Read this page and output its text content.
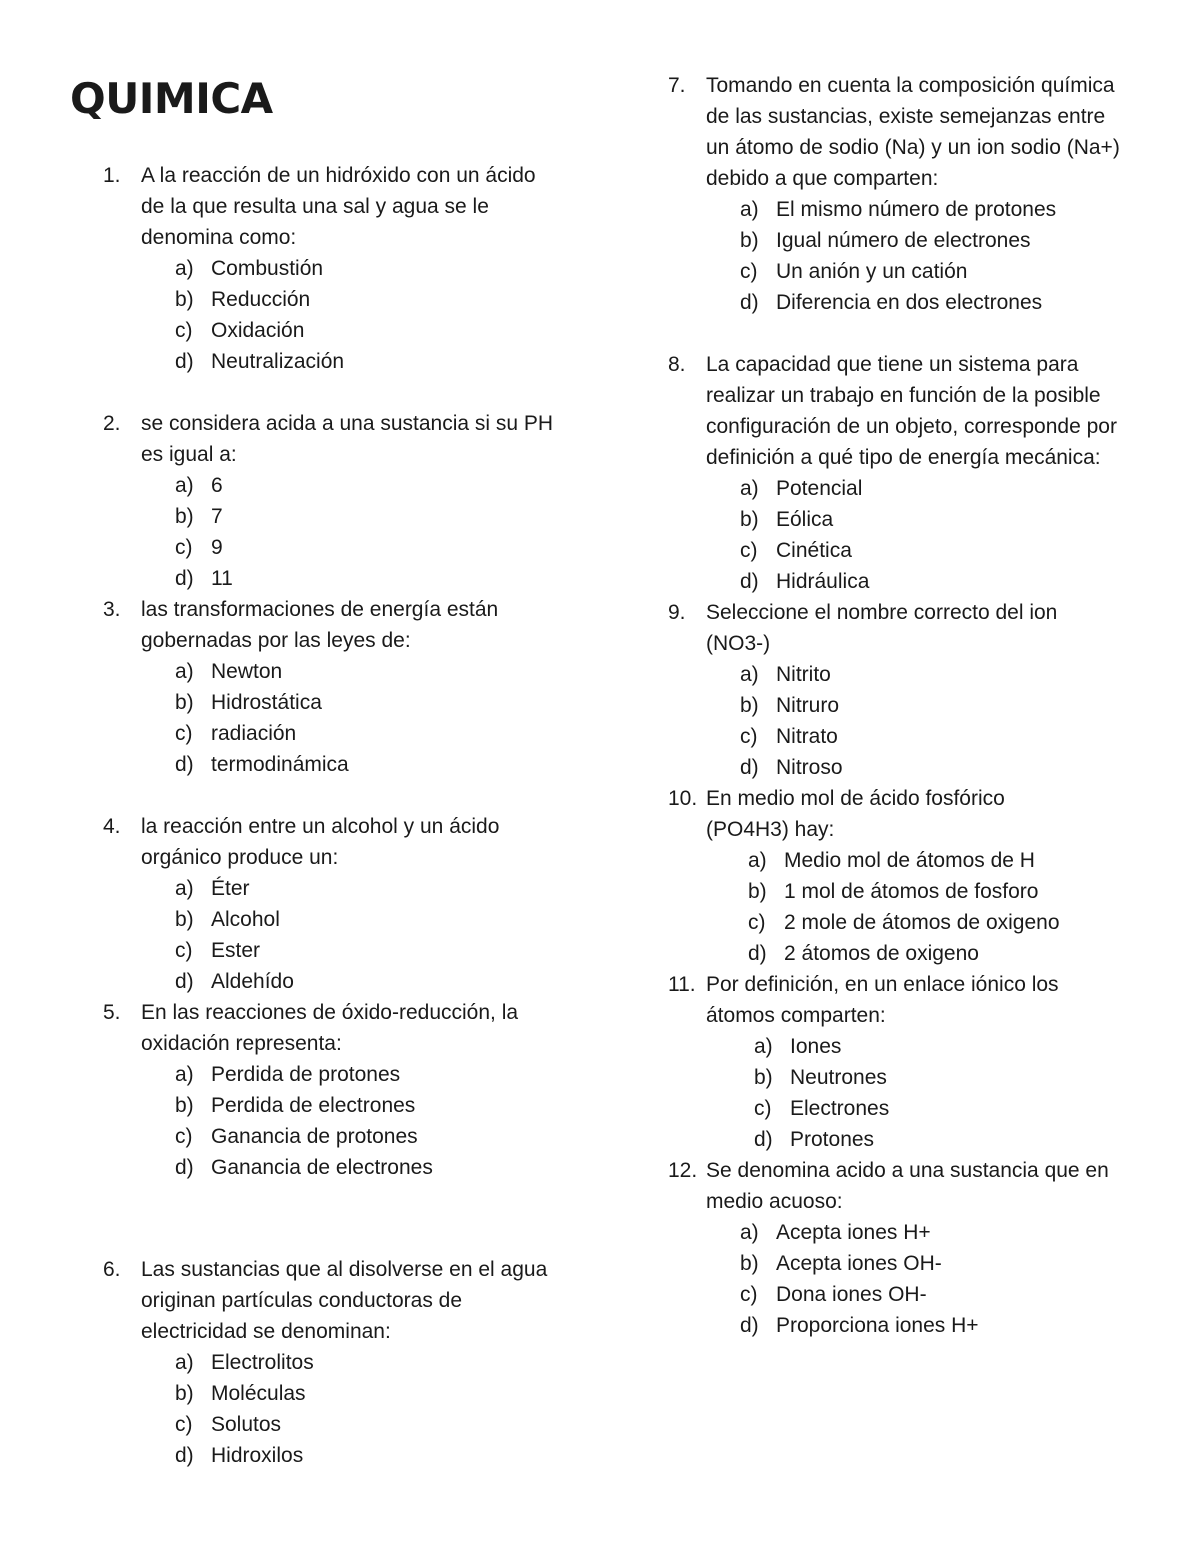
QUIMICA
1. A la reacción de un hidróxido con un ácido de la que resulta una sal y agua se le denomina como:
a) Combustión
b) Reducción
c) Oxidación
d) Neutralización
2. se considera acida a una sustancia si su PH es igual a:
a) 6
b) 7
c) 9
d) 11
3. las transformaciones de energía están gobernadas por las leyes de:
a) Newton
b) Hidrostática
c) radiación
d) termodinámica
4. la reacción entre un alcohol y un ácido orgánico produce un:
a) Éter
b) Alcohol
c) Ester
d) Aldehído
5. En las reacciones de óxido-reducción, la oxidación representa:
a) Perdida de protones
b) Perdida de electrones
c) Ganancia de protones
d) Ganancia de electrones
6. Las sustancias que al disolverse en el agua originan partículas conductoras de electricidad se denominan:
a) Electrolitos
b) Moléculas
c) Solutos
d) Hidroxilos
7. Tomando en cuenta la composición química de las sustancias, existe semejanzas entre un átomo de sodio (Na) y un ion sodio (Na+) debido a que comparten:
a) El mismo número de protones
b) Igual número de electrones
c) Un anión y un catión
d) Diferencia en dos electrones
8. La capacidad que tiene un sistema para realizar un trabajo en función de la posible configuración de un objeto, corresponde por definición a qué tipo de energía mecánica:
a) Potencial
b) Eólica
c) Cinética
d) Hidráulica
9. Seleccione el nombre correcto del ion (NO3-)
a) Nitrito
b) Nitruro
c) Nitrato
d) Nitroso
10. En medio mol de ácido fosfórico (PO4H3) hay:
a) Medio mol de átomos de H
b) 1 mol de átomos de fosforo
c) 2 mole de átomos de oxigeno
d) 2 átomos de oxigeno
11. Por definición, en un enlace iónico los átomos comparten:
a) Iones
b) Neutrones
c) Electrones
d) Protones
12. Se denomina acido a una sustancia que en medio acuoso:
a) Acepta iones H+
b) Acepta iones OH-
c) Dona iones OH-
d) Proporciona iones H+
